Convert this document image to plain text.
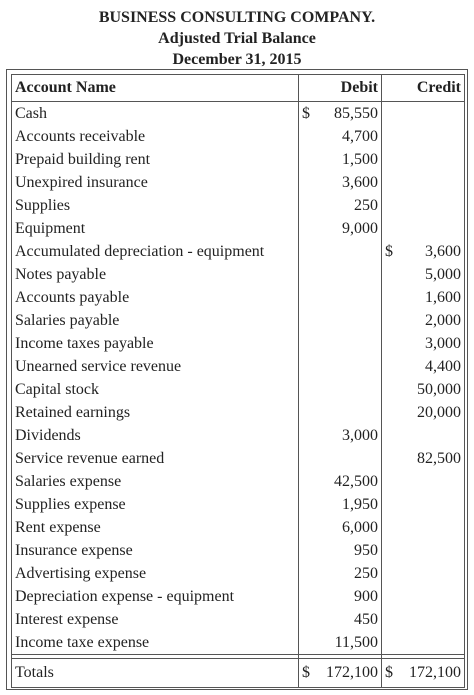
BUSINESS CONSULTING COMPANY.
Adjusted Trial Balance
December 31, 2015
Account Name	Debit	Credit
Cash	$ 85,550	

Accounts receivable	4,700	

Prepaid building rent	1,500	

Unexpired insurance	3,600	

Supplies	250	

Equipment	9,000	

Accumulated depreciation - equipment		$ 3,600
Notes payable		5,000
Accounts payable		1,600
Salaries payable		2,000
Income taxes payable		3,000
Unearned service revenue		4,400
Capital stock		50,000
Retained earnings		20,000
Dividends	3,000	

Service revenue earned		82,500
Salaries expense	42,500	

Supplies expense	1,950	

Rent expense	6,000	

Insurance expense	950	

Advertising expense	250	

Depreciation expense - equipment	900	

Interest expense	450	

Income taxe expense	11,500	

Totals	$ 172,100	$ 172,100
